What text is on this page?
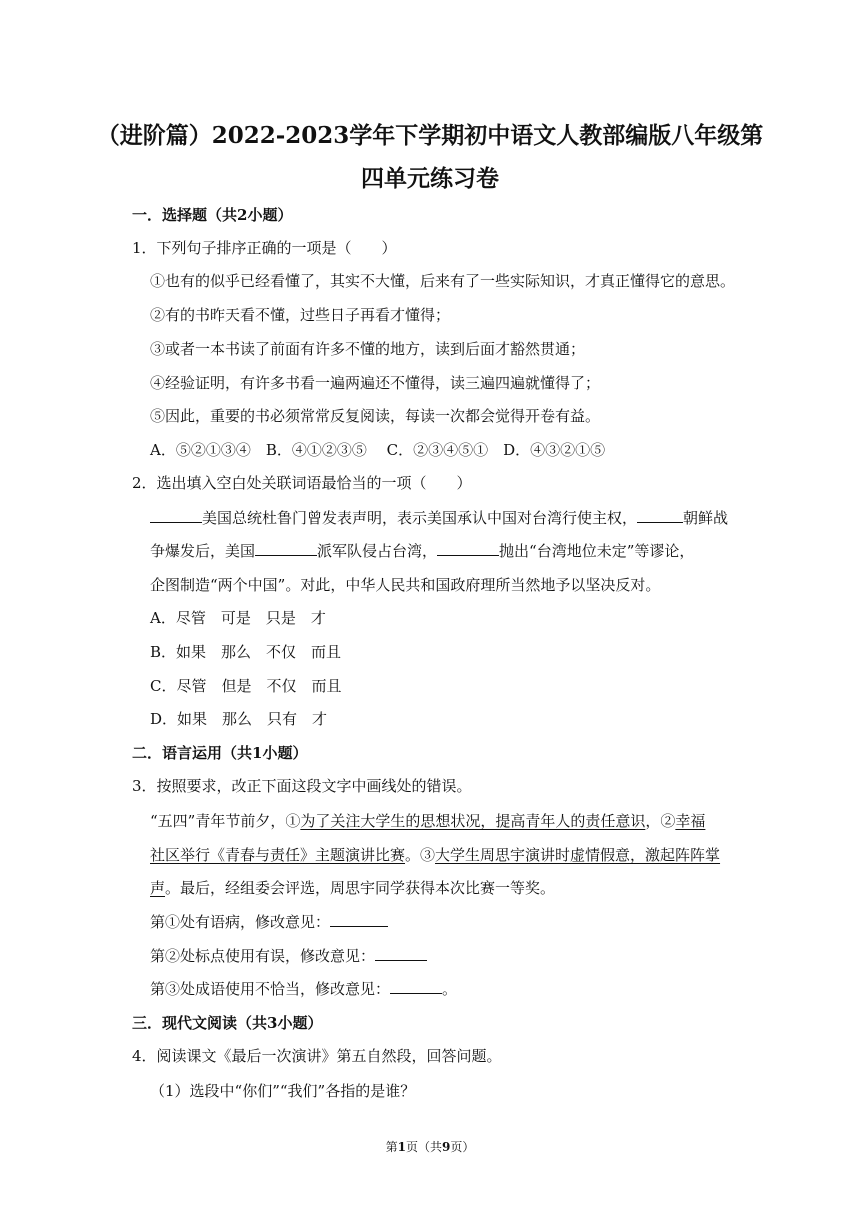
（进阶篇）2022-2023学年下学期初中语文人教部编版八年级第
四单元练习卷
一．选择题（共2小题）
1．下列句子排序正确的一项是（　　）
①也有的似乎已经看懂了，其实不大懂，后来有了一些实际知识，才真正懂得它的意思。
②有的书昨天看不懂，过些日子再看才懂得；
③或者一本书读了前面有许多不懂的地方，读到后面才豁然贯通；
④经验证明，有许多书看一遍两遍还不懂得，读三遍四遍就懂得了；
⑤因此，重要的书必须常常反复阅读，每读一次都会觉得开卷有益。
A．⑤②①③④　B．④①②③⑤　 C．②③④⑤①　D．④③②①⑤
2．选出填入空白处关联词语最恰当的一项（　　）
美国总统杜鲁门曾发表声明，表示美国承认中国对台湾行使主权，	朝鲜战
争爆发后，美国	派军队侵占台湾，	抛出“台湾地位未定”等谬论，
企图制造“两个中国”。对此，中华人民共和国政府理所当然地予以坚决反对。
A．尽管　可是　只是　才
B．如果　那么　不仅　而且
C．尽管　但是　不仅　而且
D．如果　那么　只有　才
二．语言运用（共1小题）
3．按照要求，改正下面这段文字中画线处的错误。
“五四”青年节前夕，①为了关注大学生的思想状况，提高青年人的责任意识，②幸福
社区举行《青春与责任》主题演讲比赛。③大学生周思宇演讲时虚情假意，激起阵阵掌
声。最后，经组委会评选，周思宇同学获得本次比赛一等奖。
第①处有语病，修改意见：
第②处标点使用有误，修改意见：
第③处成语使用不恰当，修改意见：	。
三．现代文阅读（共3小题）
4．阅读课文《最后一次演讲》第五自然段，回答问题。
（1）选段中“你们”“我们”各指的是谁？
第1页（共9页）
